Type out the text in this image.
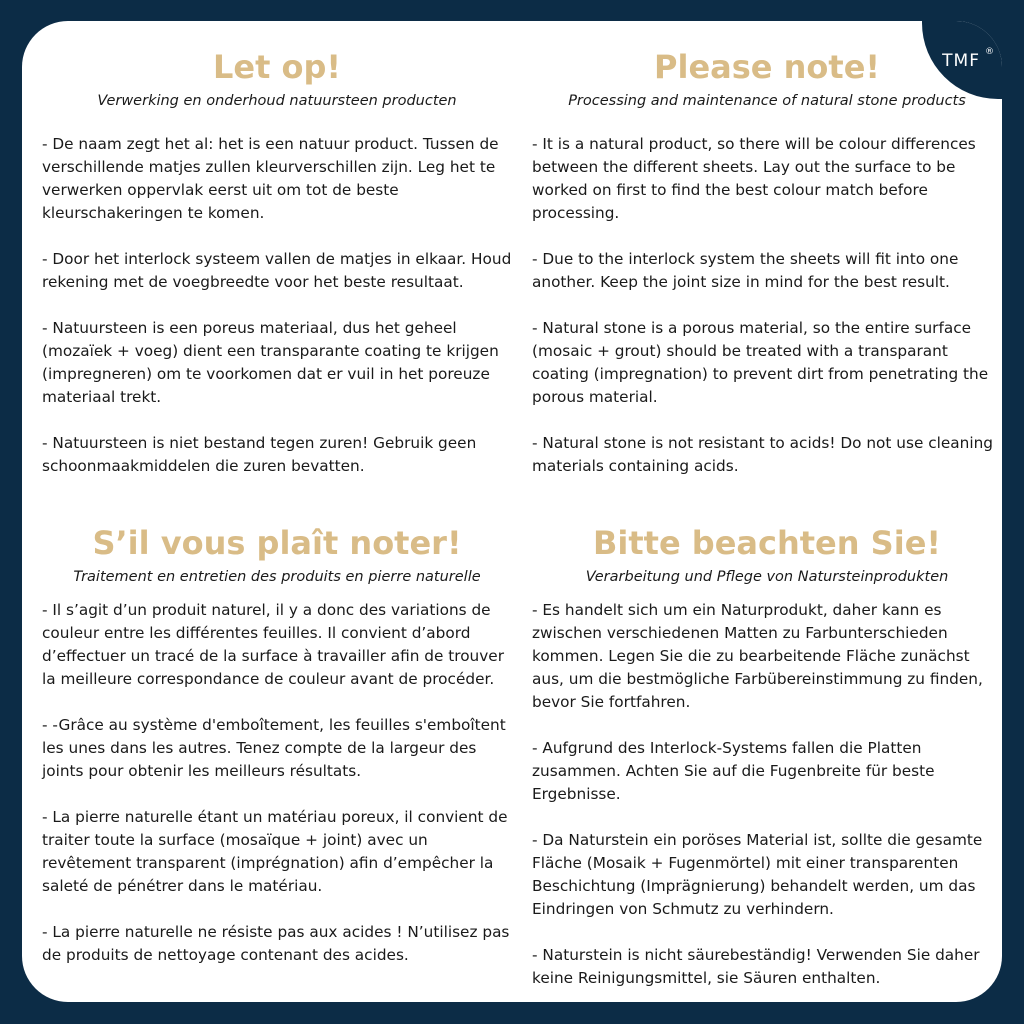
TMF ®
Let op!
Verwerking en onderhoud natuursteen producten

- De naam zegt het al: het is een natuur product. Tussen de verschillende matjes zullen kleurverschillen zijn. Leg het te verwerken oppervlak eerst uit om tot de beste kleurschakeringen te komen.

- Door het interlock systeem vallen de matjes in elkaar. Houd rekening met de voegbreedte voor het beste resultaat.

- Natuursteen is een poreus materiaal, dus het geheel (mozaïek + voeg) dient een transparante coating te krijgen (impregneren) om te voorkomen dat er vuil in het poreuze materiaal trekt.

- Natuursteen is niet bestand tegen zuren! Gebruik geen schoonmaakmiddelen die zuren bevatten.

Please note!
Processing and maintenance of natural stone products

- It is a natural product, so there will be colour differences between the different sheets. Lay out the surface to be worked on first to find the best colour match before processing.

- Due to the interlock system the sheets will fit into one another. Keep the joint size in mind for the best result.

- Natural stone is a porous material, so the entire surface (mosaic + grout) should be treated with a transparant coating (impregnation) to prevent dirt from penetrating the porous material.

- Natural stone is not resistant to acids! Do not use cleaning materials containing acids.

S’il vous plaît noter!
Traitement en entretien des produits en pierre naturelle

- Il s’agit d’un produit naturel, il y a donc des variations de couleur entre les différentes feuilles. Il convient d’abord d’effectuer un tracé de la surface à travailler afin de trouver la meilleure correspondance de couleur avant de procéder.

- -Grâce au système d'emboîtement, les feuilles s'emboîtent les unes dans les autres. Tenez compte de la largeur des joints pour obtenir les meilleurs résultats.

- La pierre naturelle étant un matériau poreux, il convient de traiter toute la surface (mosaïque + joint) avec un revêtement transparent (imprégnation) afin d’empêcher la saleté de pénétrer dans le matériau.

- La pierre naturelle ne résiste pas aux acides ! N’utilisez pas de produits de nettoyage contenant des acides.

Bitte beachten Sie!
Verarbeitung und Pflege von Natursteinprodukten

- Es handelt sich um ein Naturprodukt, daher kann es zwischen verschiedenen Matten zu Farbunterschieden kommen. Legen Sie die zu bearbeitende Fläche zunächst aus, um die bestmögliche Farbübereinstimmung zu finden, bevor Sie fortfahren.

- Aufgrund des Interlock-Systems fallen die Platten zusammen. Achten Sie auf die Fugenbreite für beste Ergebnisse.

- Da Naturstein ein poröses Material ist, sollte die gesamte Fläche (Mosaik + Fugenmörtel) mit einer transparenten Beschichtung (Imprägnierung) behandelt werden, um das Eindringen von Schmutz zu verhindern.

- Naturstein is nicht säurebeständig! Verwenden Sie daher keine Reinigungsmittel, sie Säuren enthalten.
